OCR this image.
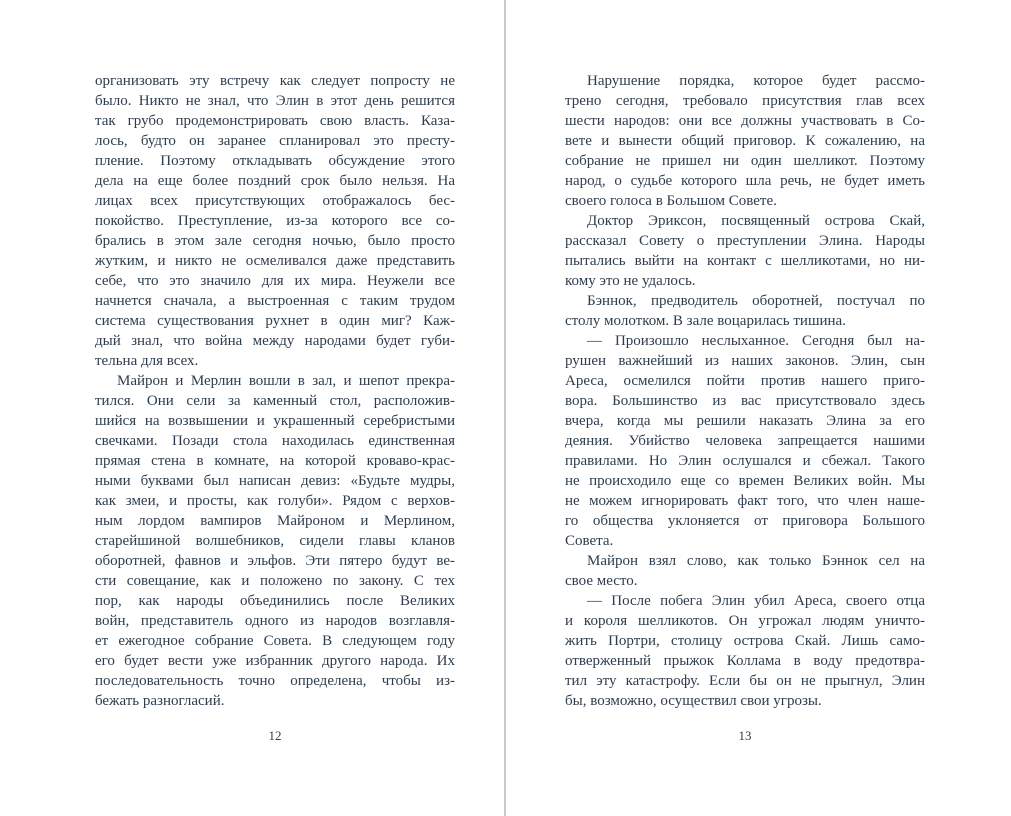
организовать эту встречу как следует попросту не
было. Никто не знал, что Элин в этот день решится
так грубо продемонстрировать свою власть. Каза-
лось, будто он заранее спланировал это престу-
пление. Поэтому откладывать обсуждение этого
дела на еще более поздний срок было нельзя. На
лицах всех присутствующих отображалось бес-
покойство. Преступление, из-за которого все со-
брались в этом зале сегодня ночью, было просто
жутким, и никто не осмеливался даже представить
себе, что это значило для их мира. Неужели все
начнется сначала, а выстроенная с таким трудом
система существования рухнет в один миг? Каж-
дый знал, что война между народами будет губи-
тельна для всех.
Майрон и Мерлин вошли в зал, и шепот прекра-
тился. Они сели за каменный стол, расположив-
шийся на возвышении и украшенный серебристыми
свечками. Позади стола находилась единственная
прямая стена в комнате, на которой кроваво-крас-
ными буквами был написан девиз: «Будьте мудры,
как змеи, и просты, как голуби». Рядом с верхов-
ным лордом вампиров Майроном и Мерлином,
старейшиной волшебников, сидели главы кланов
оборотней, фавнов и эльфов. Эти пятеро будут ве-
сти совещание, как и положено по закону. С тех
пор, как народы объединились после Великих
войн, представитель одного из народов возглавля-
ет ежегодное собрание Совета. В следующем году
его будет вести уже избранник другого народа. Их
последовательность точно определена, чтобы из-
бежать разногласий.
12
Нарушение порядка, которое будет рассмо-
трено сегодня, требовало присутствия глав всех
шести народов: они все должны участвовать в Со-
вете и вынести общий приговор. К сожалению, на
собрание не пришел ни один шелликот. Поэтому
народ, о судьбе которого шла речь, не будет иметь
своего голоса в Большом Совете.
Доктор Эриксон, посвященный острова Скай,
рассказал Совету о преступлении Элина. Народы
пытались выйти на контакт с шелликотами, но ни-
кому это не удалось.
Бэннок, предводитель оборотней, постучал по
столу молотком. В зале воцарилась тишина.
— Произошло неслыханное. Сегодня был на-
рушен важнейший из наших законов. Элин, сын
Ареса, осмелился пойти против нашего приго-
вора. Большинство из вас присутствовало здесь
вчера, когда мы решили наказать Элина за его
деяния. Убийство человека запрещается нашими
правилами. Но Элин ослушался и сбежал. Такого
не происходило еще со времен Великих войн. Мы
не можем игнорировать факт того, что член наше-
го общества уклоняется от приговора Большого
Совета.
Майрон взял слово, как только Бэннок сел на
свое место.
— После побега Элин убил Ареса, своего отца
и короля шелликотов. Он угрожал людям уничто-
жить Портри, столицу острова Скай. Лишь само-
отверженный прыжок Коллама в воду предотвра-
тил эту катастрофу. Если бы он не прыгнул, Элин
бы, возможно, осуществил свои угрозы.
13
